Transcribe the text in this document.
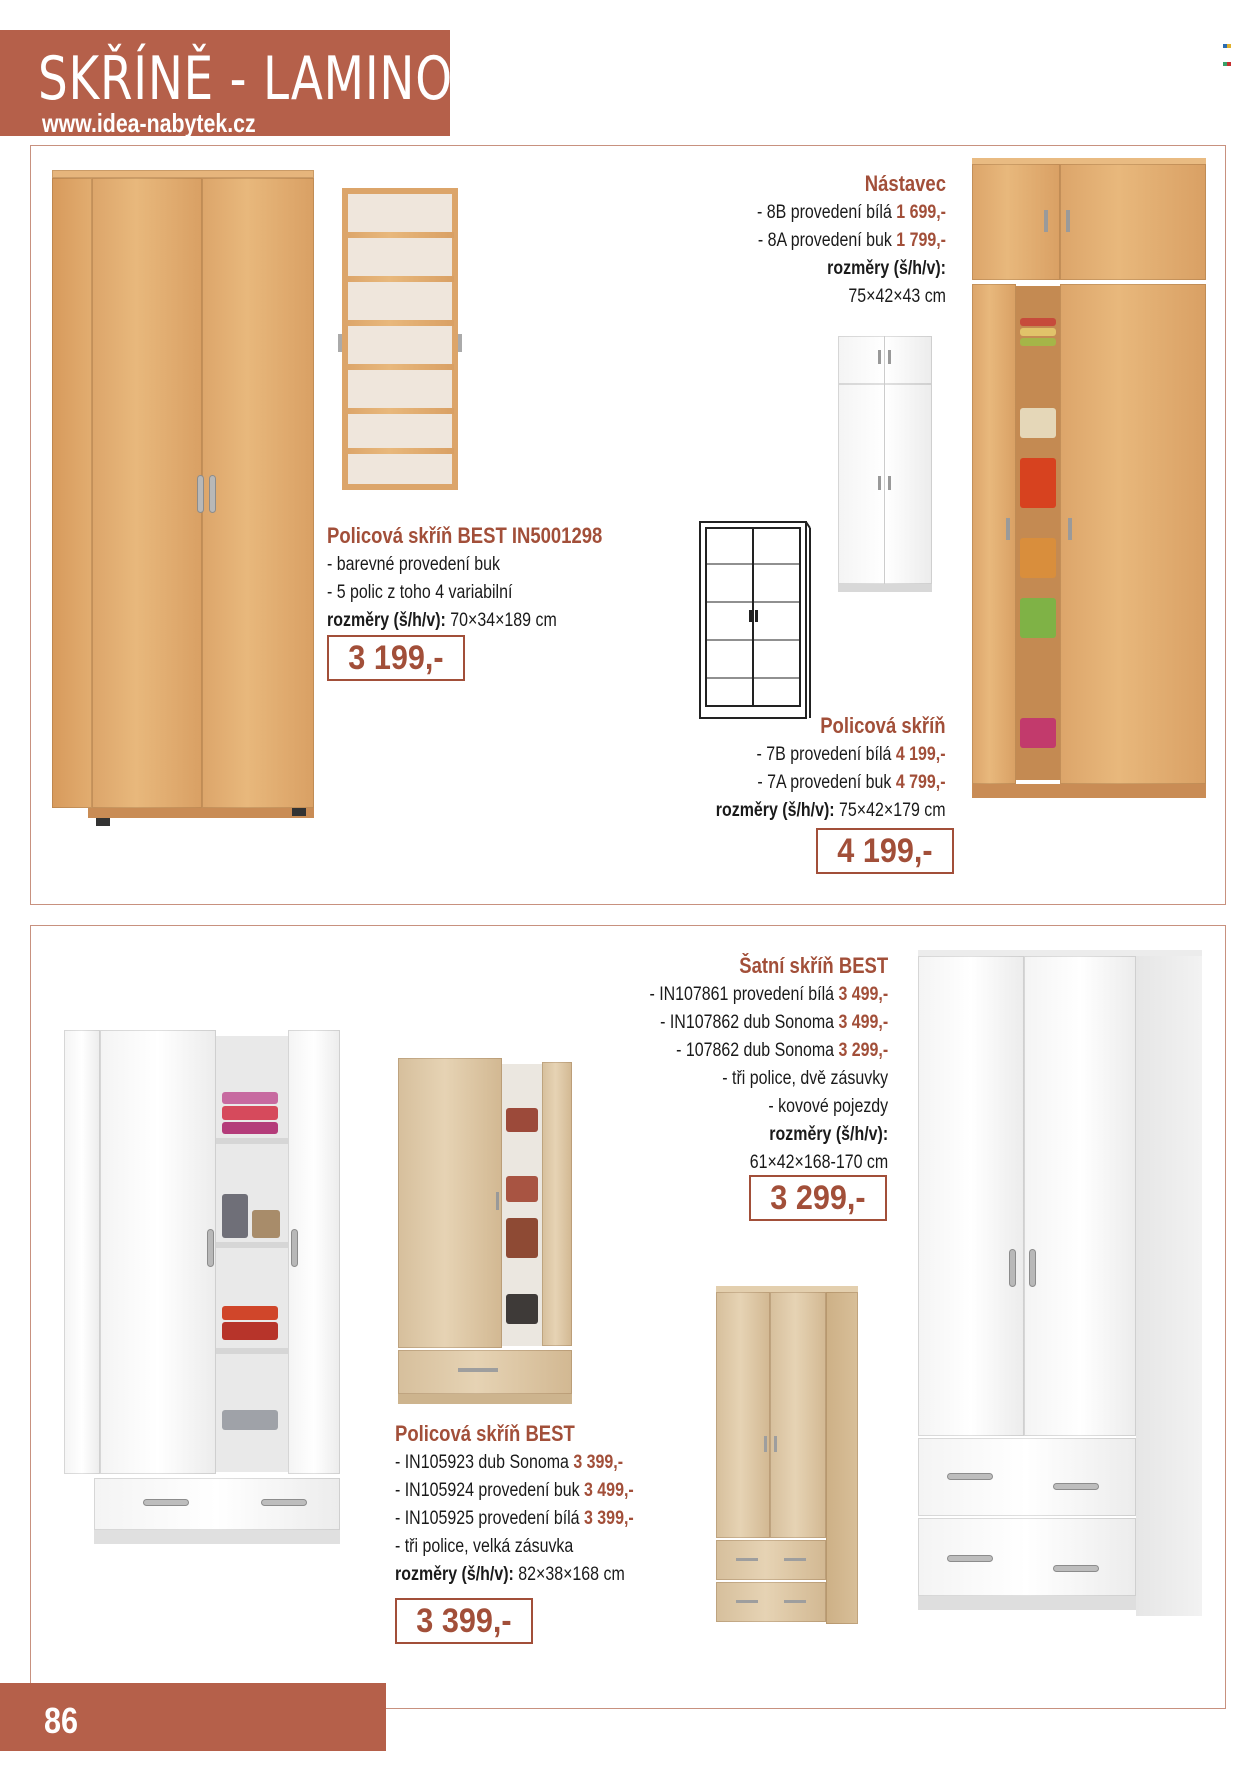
SKŘÍNĚ - LAMINO
www.idea-nabytek.cz

Nástavec
- 8B provedení bílá 1 699,-
- 8A provedení buk 1 799,-
rozměry (š/h/v):
75×42×43 cm
Policová skříň BEST IN5001298
- barevné provedení buk
- 5 polic z toho 4 variabilní
rozměry (š/h/v): 70×34×189 cm
3 199,-
Policová skříň
- 7B provedení bílá 4 199,-
- 7A provedení buk 4 799,-
rozměry (š/h/v): 75×42×179 cm
4 199,-
Šatní skříň BEST
- IN107861 provedení bílá 3 499,-
- IN107862 dub Sonoma 3 499,-
- 107862 dub Sonoma 3 299,-
- tři police, dvě zásuvky
- kovové pojezdy
rozměry (š/h/v):
61×42×168-170 cm
3 299,-
Policová skříň BEST
- IN105923 dub Sonoma 3 399,-
- IN105924 provedení buk 3 499,-
- IN105925 provedení bílá 3 399,-
- tři police, velká zásuvka
rozměry (š/h/v): 82×38×168 cm
3 399,-
86
